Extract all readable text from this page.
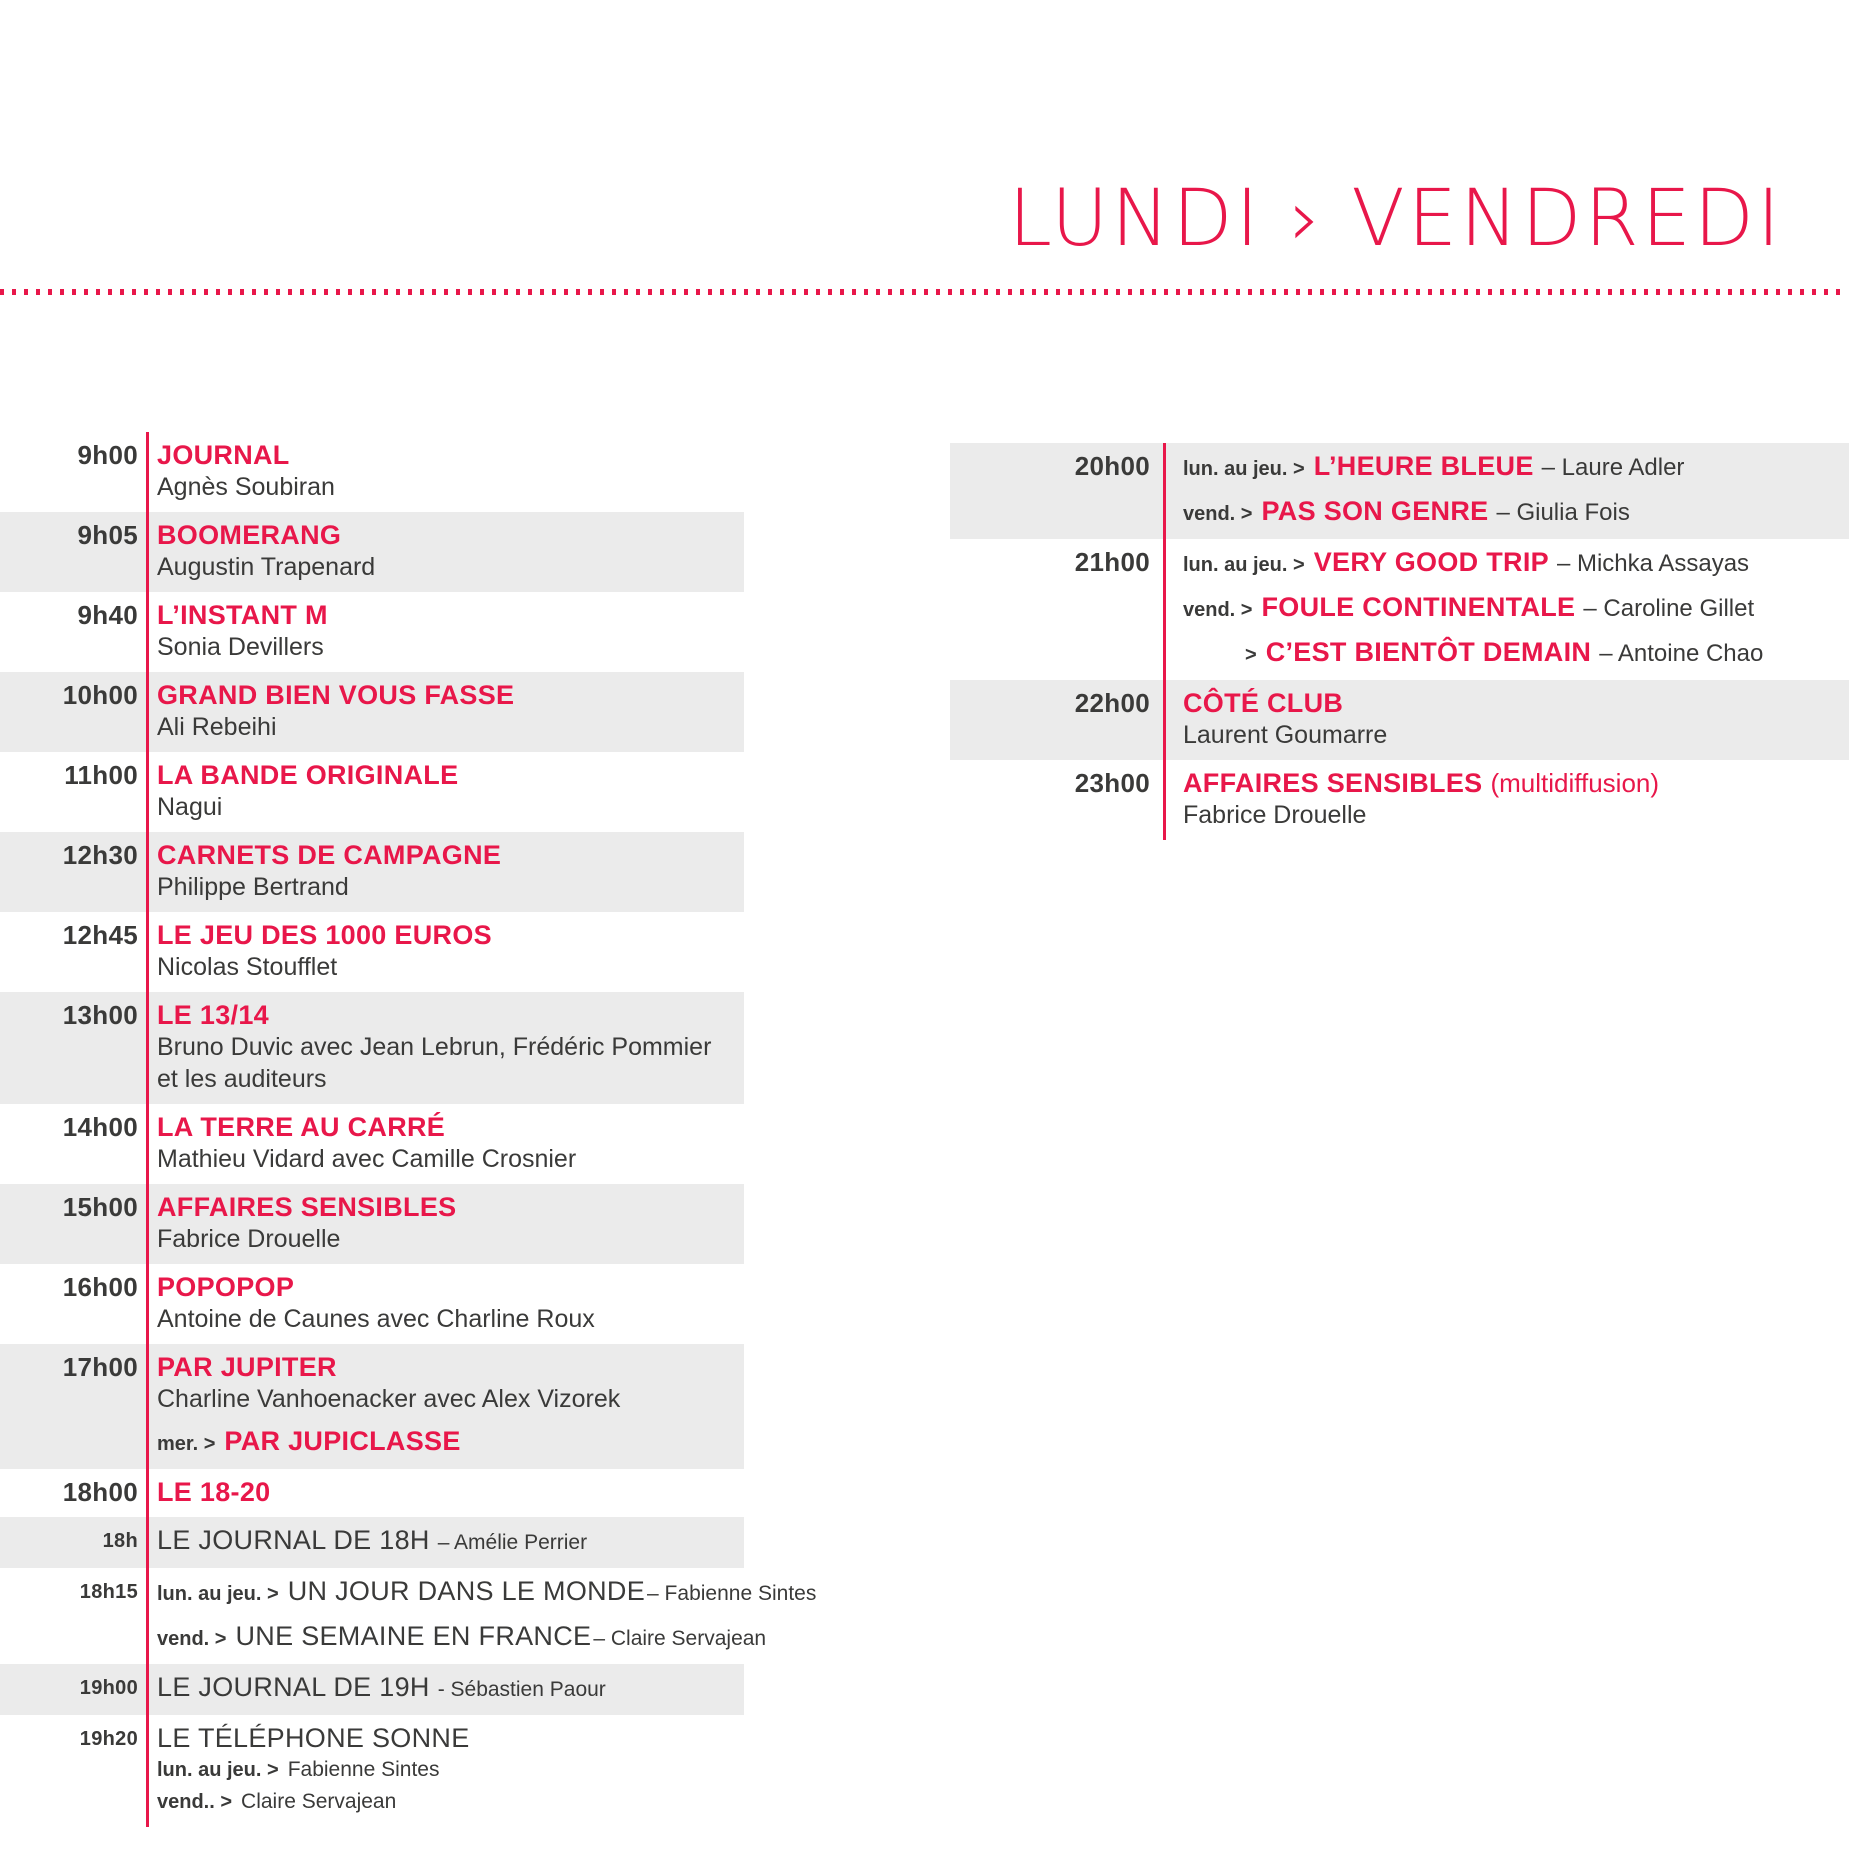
LUNDI › VENDREDI
9h00 JOURNAL
Agnès Soubiran
9h05 BOOMERANG
Augustin Trapenard
9h40 L’INSTANT M
Sonia Devillers
10h00 GRAND BIEN VOUS FASSE
Ali Rebeihi
11h00 LA BANDE ORIGINALE
Nagui
12h30 CARNETS DE CAMPAGNE
Philippe Bertrand
12h45 LE JEU DES 1000 EUROS
Nicolas Stoufflet
13h00 LE 13/14
Bruno Duvic avec Jean Lebrun, Frédéric Pommier
et les auditeurs
14h00 LA TERRE AU CARRÉ
Mathieu Vidard avec Camille Crosnier
15h00 AFFAIRES SENSIBLES
Fabrice Drouelle
16h00 POPOPOP
Antoine de Caunes avec Charline Roux
17h00 PAR JUPITER
Charline Vanhoenacker avec Alex Vizorek
mer. > PAR JUPICLASSE
18h00 LE 18-20
18h LE JOURNAL DE 18H – Amélie Perrier
18h15 lun. au jeu. > UN JOUR DANS LE MONDE – Fabienne Sintes
vend. > UNE SEMAINE EN FRANCE – Claire Servajean
19h00 LE JOURNAL DE 19H - Sébastien Paour
19h20 LE TÉLÉPHONE SONNE
lun. au jeu. > Fabienne Sintes
vend.. > Claire Servajean
20h00 lun. au jeu. > L’HEURE BLEUE – Laure Adler
vend. > PAS SON GENRE – Giulia Fois
21h00 lun. au jeu. > VERY GOOD TRIP – Michka Assayas
vend. > FOULE CONTINENTALE – Caroline Gillet
> C’EST BIENTÔT DEMAIN – Antoine Chao
22h00 CÔTÉ CLUB
Laurent Goumarre
23h00 AFFAIRES SENSIBLES (multidiffusion)
Fabrice Drouelle
